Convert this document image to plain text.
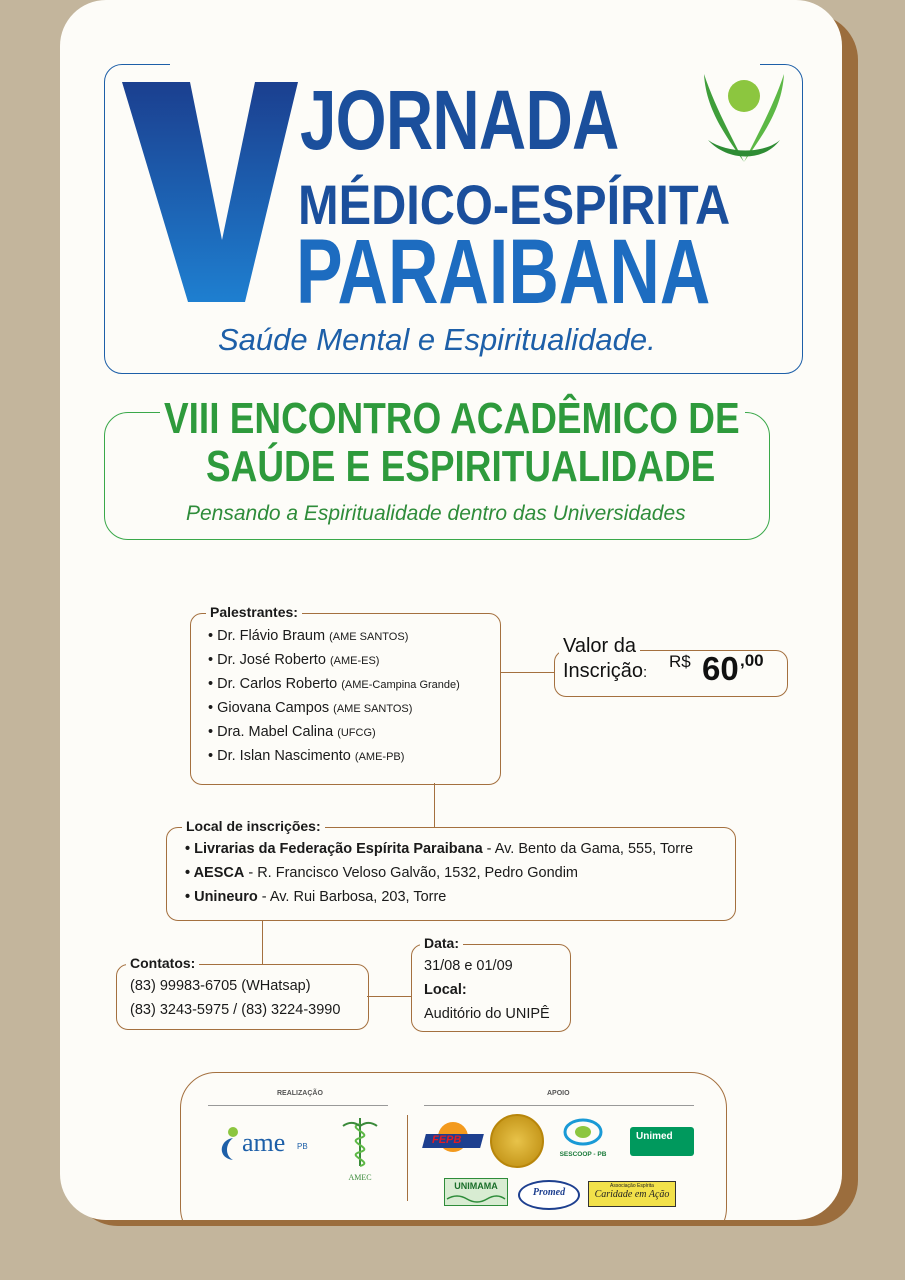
JORNADA
MÉDICO-ESPÍRITA
PARAIBANA
Saúde Mental e Espiritualidade.
VIII ENCONTRO ACADÊMICO DE
SAÚDE E ESPIRITUALIDADE
Pensando a Espiritualidade dentro das Universidades
Palestrantes:
• Dr. Flávio Braum (AME SANTOS)
• Dr. José Roberto (AME-ES)
• Dr. Carlos Roberto (AME-Campina Grande)
• Giovana Campos (AME SANTOS)
• Dra. Mabel Calina (UFCG)
• Dr. Islan Nascimento (AME-PB)
Valor da
Inscrição:
R$ 60 ,00
Local de inscrições:
• Livrarias da Federação Espírita Paraibana - Av. Bento da Gama, 555, Torre
• AESCA - R. Francisco Veloso Galvão, 1532, Pedro Gondim
• Unineuro - Av. Rui Barbosa, 203, Torre
Contatos:
(83) 99983-6705 (WHatsap)
(83) 3243-5975 / (83) 3224-3990
Data:
31/08 e 01/09
Local:
Auditório do UNIPÊ
REALIZAÇÃO	APOIO
ame PB
AMEC
FEPB
SESCOOP - PB
Unimed
UNIMAMA
Promed
Associação Espírita
Caridade em Ação
